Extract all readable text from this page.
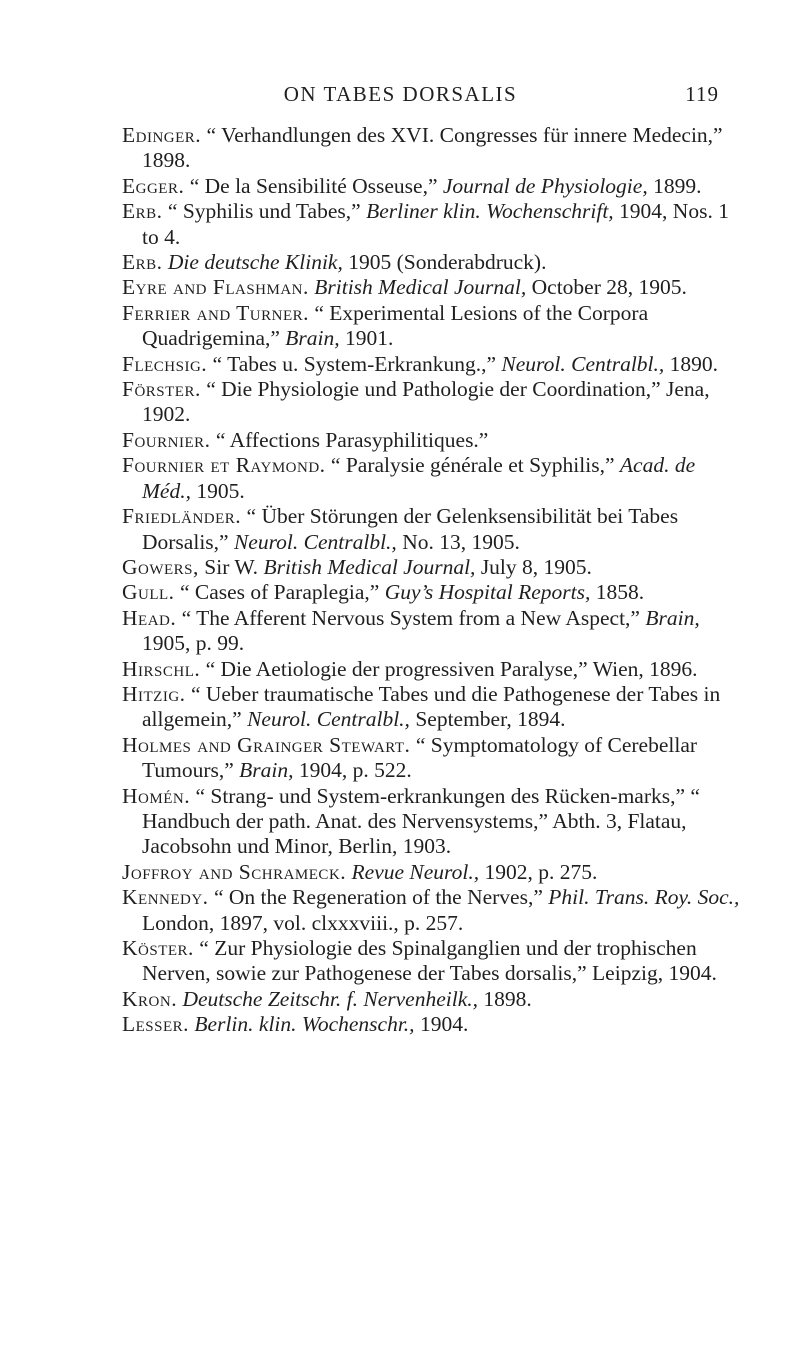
ON TABES DORSALIS	119

Edinger. “ Verhandlungen des XVI. Congresses für innere Medecin,” 1898.

Egger. “ De la Sensibilité Osseuse,” Journal de Physiologie, 1899.

Erb. “ Syphilis und Tabes,” Berliner klin. Wochenschrift, 1904, Nos. 1 to 4.

Erb. Die deutsche Klinik, 1905 (Sonderabdruck).

Eyre and Flashman. British Medical Journal, October 28, 1905.

Ferrier and Turner. “ Experimental Lesions of the Corpora Quadrigemina,” Brain, 1901.

Flechsig. “ Tabes u. System-Erkrankung.,” Neurol. Centralbl., 1890.

Förster. “ Die Physiologie und Pathologie der Coordination,” Jena, 1902.

Fournier. “ Affections Parasyphilitiques.”

Fournier et Raymond. “ Paralysie générale et Syphilis,” Acad. de Méd., 1905.

Friedländer. “ Über Störungen der Gelenksensibilität bei Tabes Dorsalis,” Neurol. Centralbl., No. 13, 1905.

Gowers, Sir W. British Medical Journal, July 8, 1905.

Gull. “ Cases of Paraplegia,” Guy’s Hospital Reports, 1858.

Head. “ The Afferent Nervous System from a New Aspect,” Brain, 1905, p. 99.

Hirschl. “ Die Aetiologie der progressiven Paralyse,” Wien, 1896.

Hitzig. “ Ueber traumatische Tabes und die Pathogenese der Tabes in allgemein,” Neurol. Centralbl., September, 1894.

Holmes and Grainger Stewart. “ Symptomatology of Cerebellar Tumours,” Brain, 1904, p. 522.

Homén. “ Strang- und System-erkrankungen des Rücken-marks,” “ Handbuch der path. Anat. des Nervensystems,” Abth. 3, Flatau, Jacobsohn und Minor, Berlin, 1903.

Joffroy and Schrameck. Revue Neurol., 1902, p. 275.

Kennedy. “ On the Regeneration of the Nerves,” Phil. Trans. Roy. Soc., London, 1897, vol. clxxxviii., p. 257.

Köster. “ Zur Physiologie des Spinalganglien und der trophischen Nerven, sowie zur Pathogenese der Tabes dorsalis,” Leipzig, 1904.

Kron. Deutsche Zeitschr. f. Nervenheilk., 1898.

Lesser. Berlin. klin. Wochenschr., 1904.
